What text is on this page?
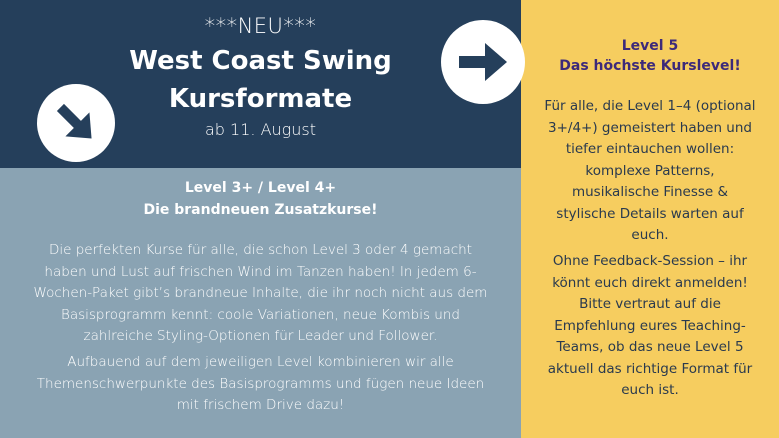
***NEU***
West Coast Swing
Kursformate
ab 11. August
Level 3+ / Level 4+
Die brandneuen Zusatzkurse!
Die perfekten Kurse für alle, die schon Level 3 oder 4 gemacht haben und Lust auf frischen Wind im Tanzen haben! In jedem 6-Wochen-Paket gibt’s brandneue Inhalte, die ihr noch nicht aus dem Basisprogramm kennt: coole Variationen, neue Kombis und zahlreiche Styling-Optionen für Leader und Follower.
Aufbauend auf dem jeweiligen Level kombinieren wir alle Themenschwerpunkte des Basisprogramms und fügen neue Ideen mit frischem Drive dazu!
Level 5
Das höchste Kurslevel!
Für alle, die Level 1–4 (optional 3+/4+) gemeistert haben und tiefer eintauchen wollen: komplexe Patterns, musikalische Finesse & stylische Details warten auf euch.
Ohne Feedback-Session – ihr könnt euch direkt anmelden! Bitte vertraut auf die Empfehlung eures Teaching-Teams, ob das neue Level 5 aktuell das richtige Format für euch ist.
